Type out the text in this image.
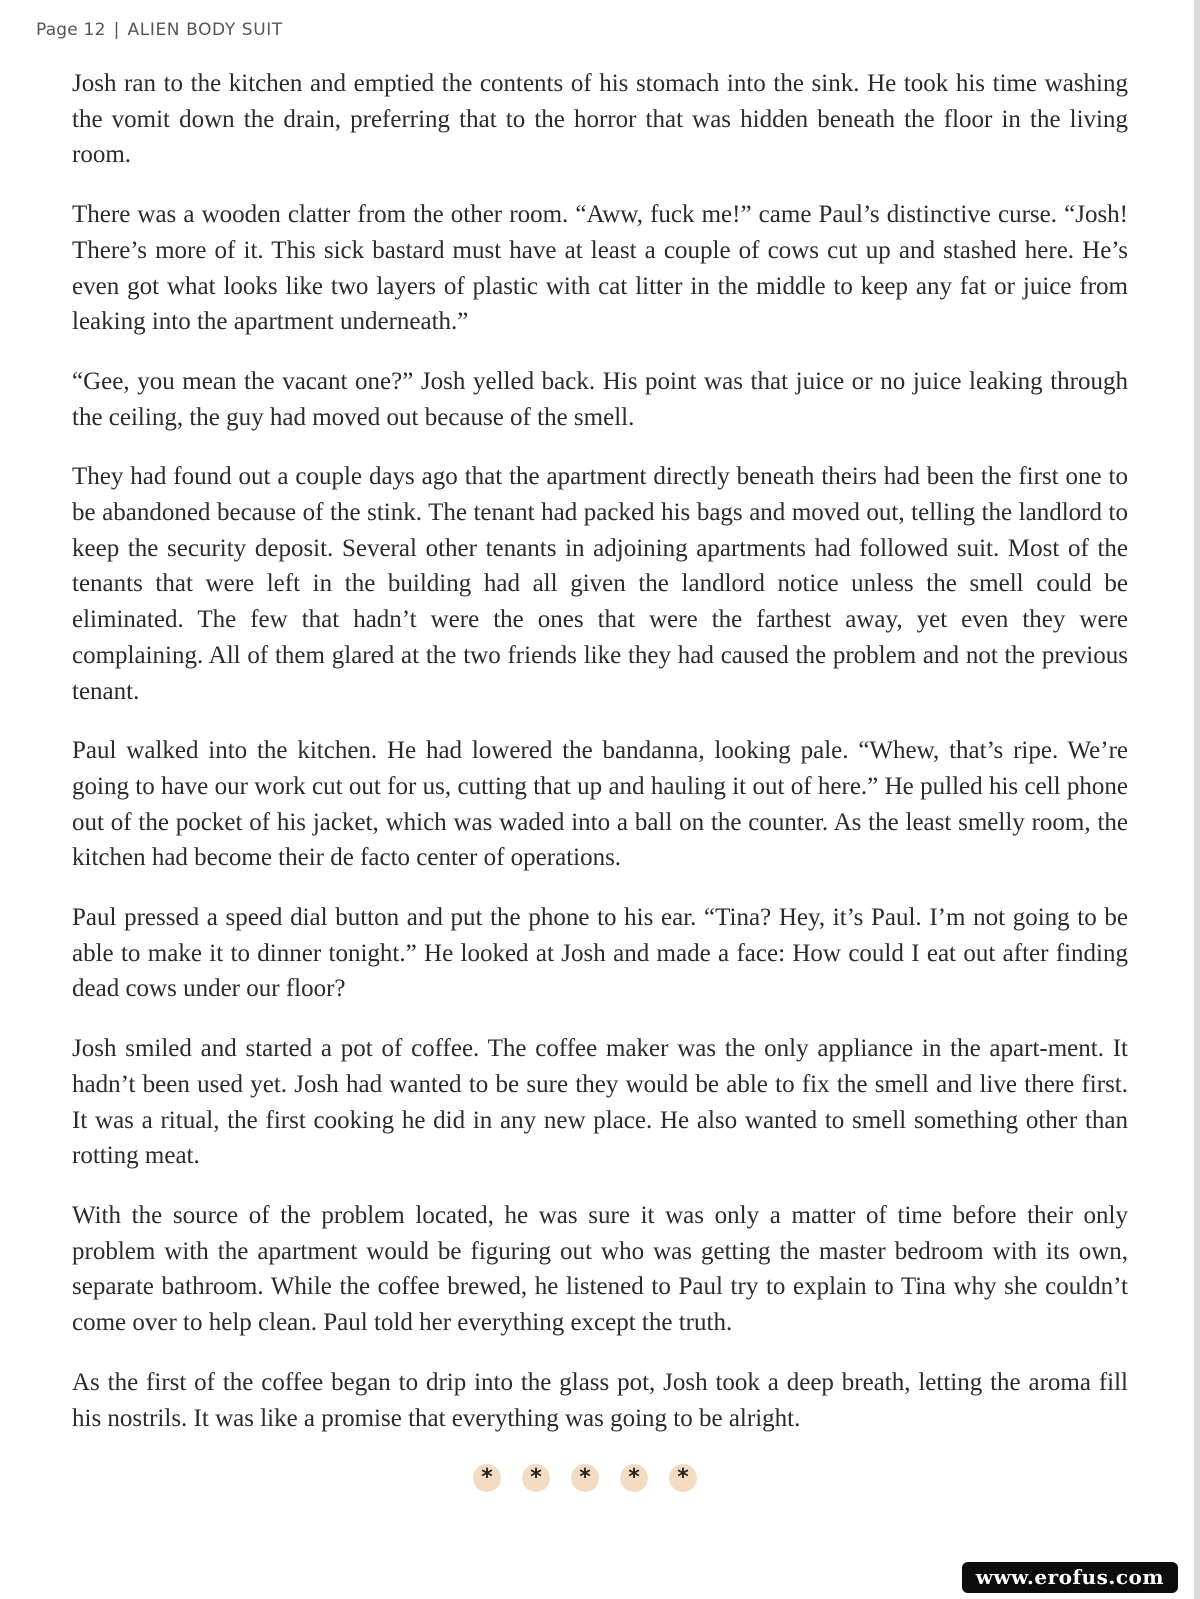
Page 12 | ALIEN BODY SUIT

Josh ran to the kitchen and emptied the contents of his stomach into the sink. He took his time washing the vomit down the drain, preferring that to the horror that was hidden beneath the floor in the living room.

There was a wooden clatter from the other room. “Aww, fuck me!” came Paul’s distinctive curse. “Josh! There’s more of it. This sick bastard must have at least a couple of cows cut up and stashed here. He’s even got what looks like two layers of plastic with cat litter in the middle to keep any fat or juice from leaking into the apartment underneath.”

“Gee, you mean the vacant one?” Josh yelled back. His point was that juice or no juice leaking through the ceiling, the guy had moved out because of the smell.

They had found out a couple days ago that the apartment directly beneath theirs had been the first one to be abandoned because of the stink. The tenant had packed his bags and moved out, telling the landlord to keep the security deposit. Several other tenants in adjoining apartments had followed suit. Most of the tenants that were left in the building had all given the landlord notice unless the smell could be eliminated. The few that hadn’t were the ones that were the farthest away, yet even they were complaining. All of them glared at the two friends like they had caused the problem and not the previous tenant.

Paul walked into the kitchen. He had lowered the bandanna, looking pale. “Whew, that’s ripe. We’re going to have our work cut out for us, cutting that up and hauling it out of here.” He pulled his cell phone out of the pocket of his jacket, which was waded into a ball on the counter. As the least smelly room, the kitchen had become their de facto center of operations.

Paul pressed a speed dial button and put the phone to his ear. “Tina? Hey, it’s Paul. I’m not going to be able to make it to dinner tonight.” He looked at Josh and made a face: How could I eat out after finding dead cows under our floor?

Josh smiled and started a pot of coffee. The coffee maker was the only appliance in the apart-ment. It hadn’t been used yet. Josh had wanted to be sure they would be able to fix the smell and live there first. It was a ritual, the first cooking he did in any new place. He also wanted to smell something other than rotting meat.

With the source of the problem located, he was sure it was only a matter of time before their only problem with the apartment would be figuring out who was getting the master bedroom with its own, separate bathroom. While the coffee brewed, he listened to Paul try to explain to Tina why she couldn’t come over to help clean. Paul told her everything except the truth.

As the first of the coffee began to drip into the glass pot, Josh took a deep breath, letting the aroma fill his nostrils. It was like a promise that everything was going to be alright.

*	*	*	*	*
www.erofus.com
